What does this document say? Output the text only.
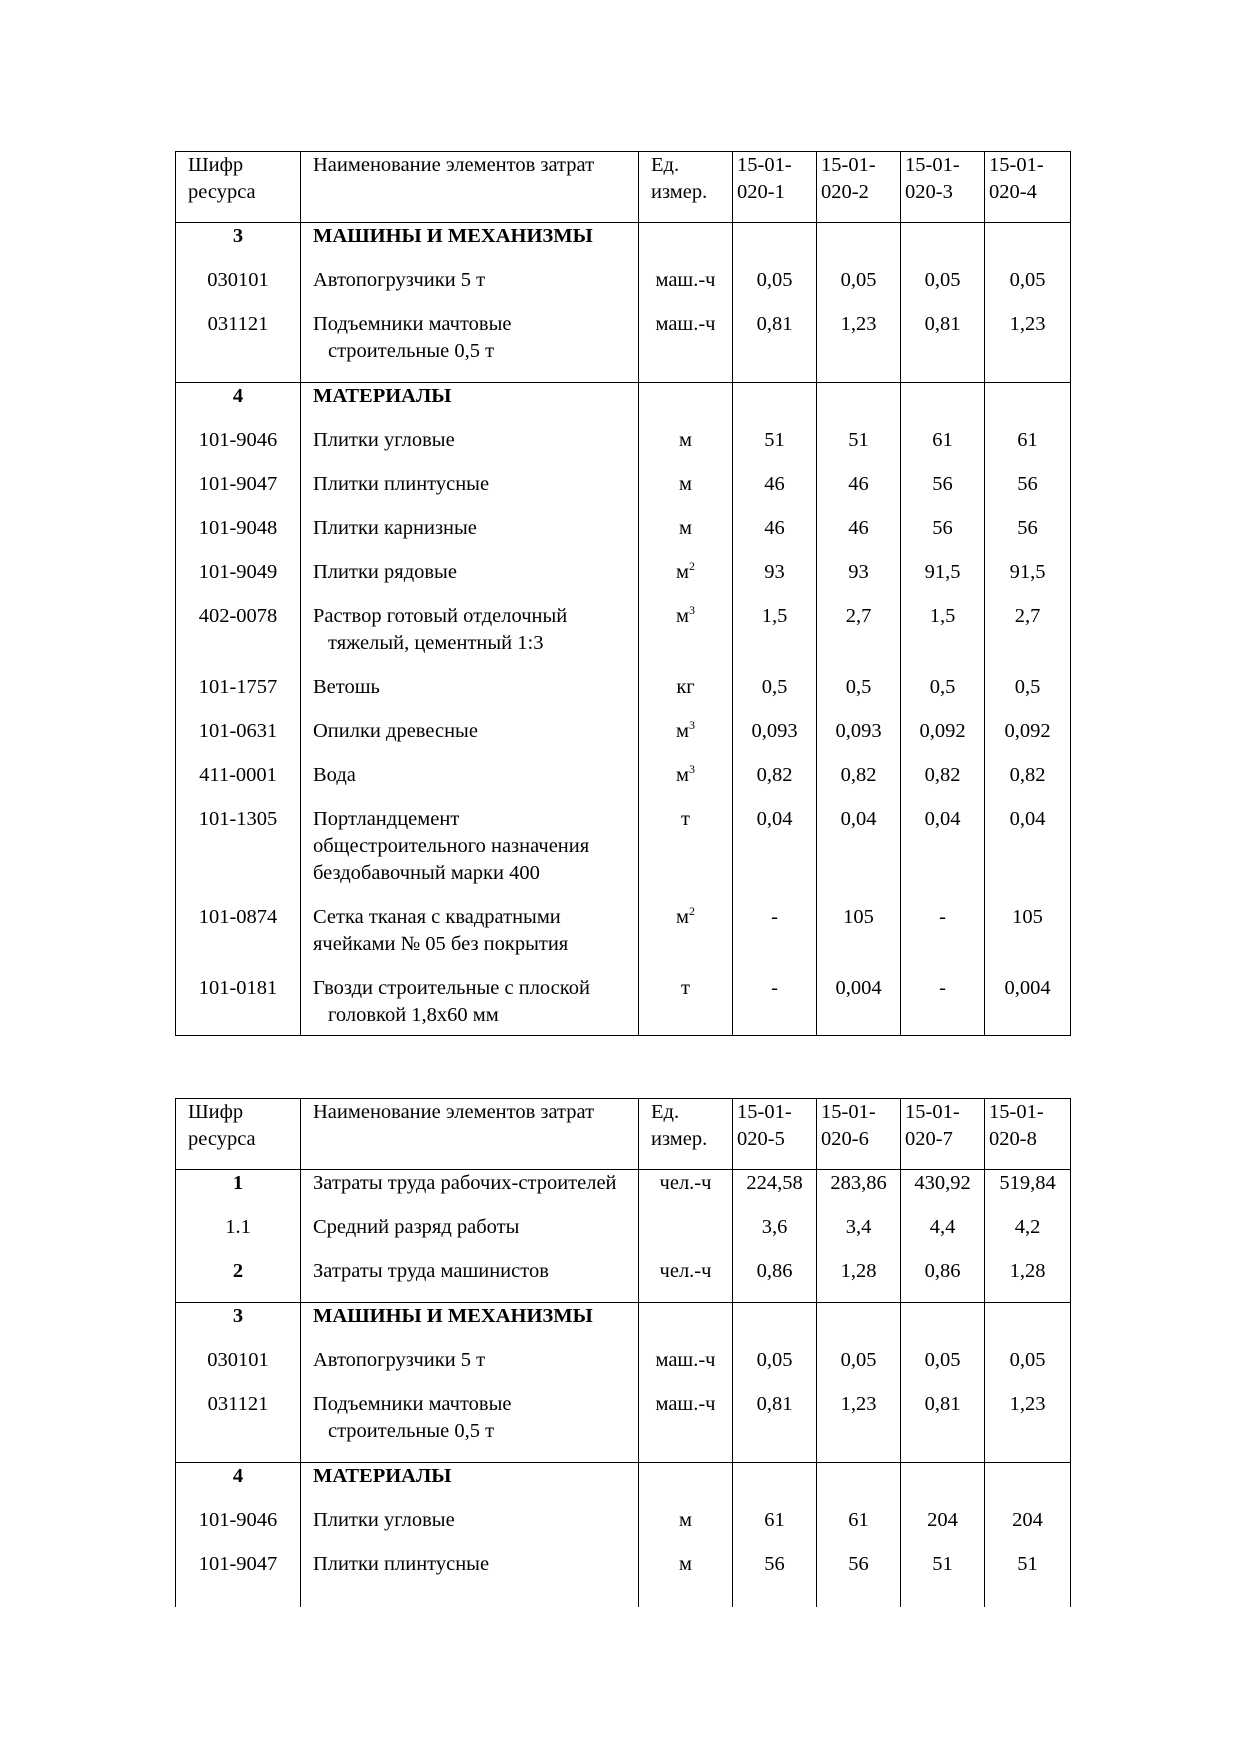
Шифр ресурса	Наименование элементов затрат	Ед. измер.	15-01-020-1	15-01-020-2	15-01-020-3	15-01-020-4
3	МАШИНЫ И МЕХАНИЗМЫ					
030101	Автопогрузчики 5 т	маш.-ч	0,05	0,05	0,05	0,05
031121	Подъемники мачтовые строительные 0,5 т	маш.-ч	0,81	1,23	0,81	1,23
4	МАТЕРИАЛЫ					
101-9046	Плитки угловые	м	51	51	61	61
101-9047	Плитки плинтусные	м	46	46	56	56
101-9048	Плитки карнизные	м	46	46	56	56
101-9049	Плитки рядовые	$м^2$	93	93	91,5	91,5
402-0078	Раствор готовый отделочный тяжелый, цементный 1:3	$м^3$	1,5	2,7	1,5	2,7
101-1757	Ветошь	кг	0,5	0,5	0,5	0,5
101-0631	Опилки древесные	$м^3$	0,093	0,093	0,092	0,092
411-0001	Вода	$м^3$	0,82	0,82	0,82	0,82
101-1305	Портландцемент общестроительного назначения бездобавочный марки 400	т	0,04	0,04	0,04	0,04
101-0874	Сетка тканая с квадратными ячейками № 05 без покрытия	$м^2$	-	105	-	105
101-0181	Гвозди строительные с плоской головкой 1,8х60 мм	т	-	0,004	-	0,004
Шифр ресурса	Наименование элементов затрат	Ед. измер.	15-01-020-5	15-01-020-6	15-01-020-7	15-01-020-8
1	Затраты труда рабочих-строителей	чел.-ч	224,58	283,86	430,92	519,84
1.1	Средний разряд работы		3,6	3,4	4,4	4,2
2	Затраты труда машинистов	чел.-ч	0,86	1,28	0,86	1,28
3	МАШИНЫ И МЕХАНИЗМЫ					
030101	Автопогрузчики 5 т	маш.-ч	0,05	0,05	0,05	0,05
031121	Подъемники мачтовые строительные 0,5 т	маш.-ч	0,81	1,23	0,81	1,23
4	МАТЕРИАЛЫ					
101-9046	Плитки угловые	м	61	61	204	204
101-9047	Плитки плинтусные	м	56	56	51	51
